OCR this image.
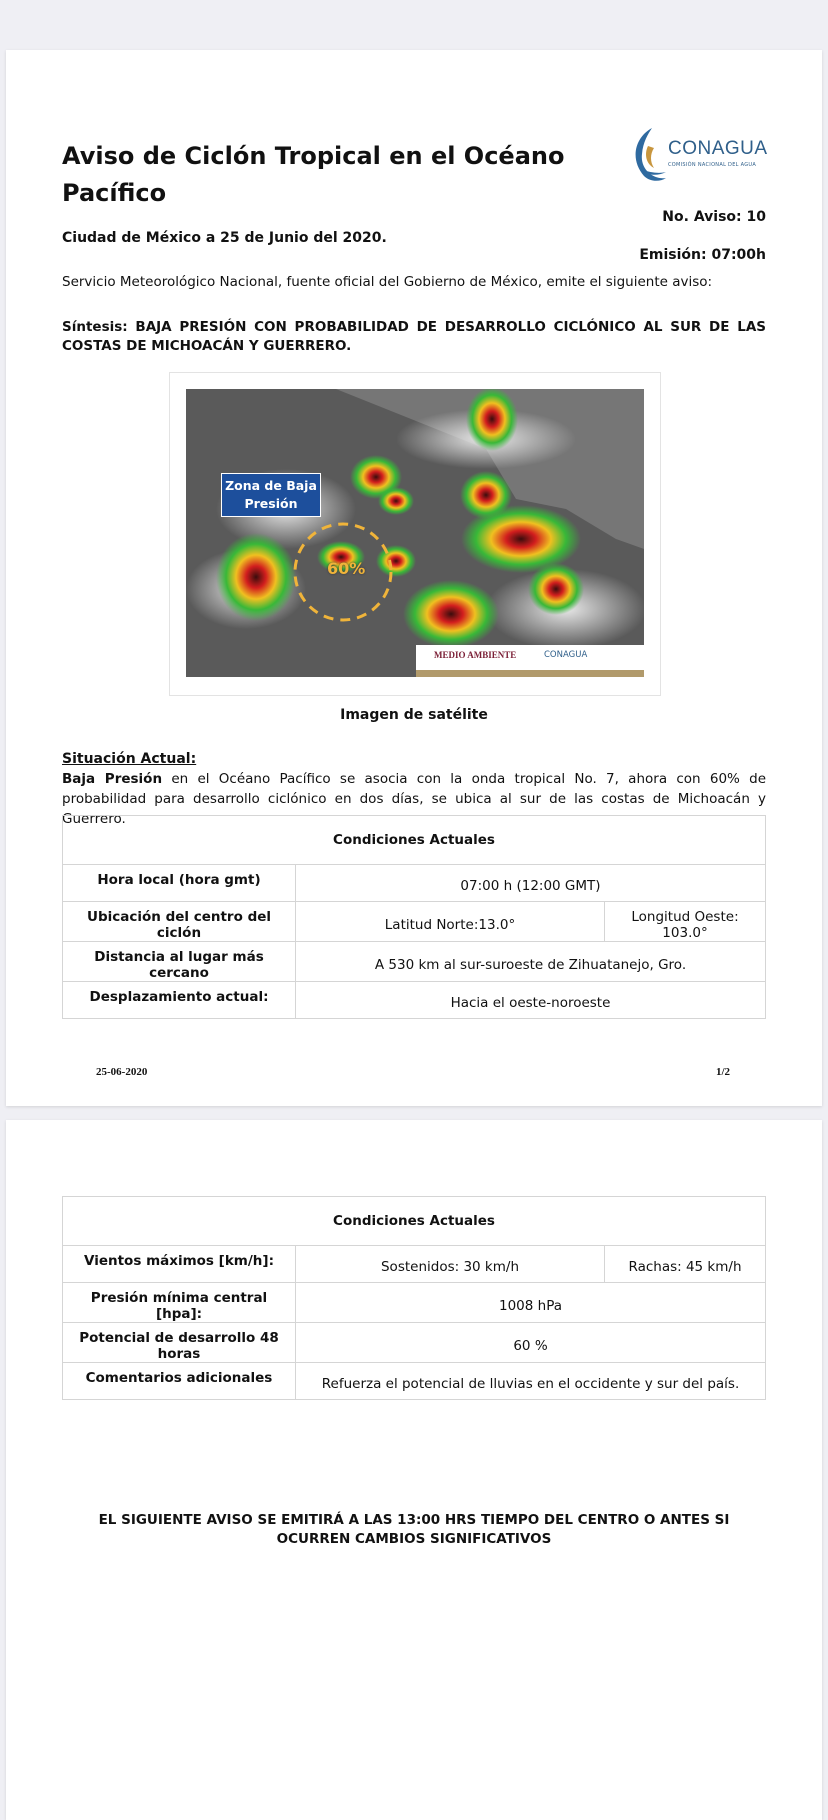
Aviso de Ciclón Tropical en el Océano Pacífico
CONAGUA
COMISIÓN NACIONAL DEL AGUA
No. Aviso: 10
Ciudad de México a 25 de Junio del 2020.
Emisión: 07:00h
Servicio Meteorológico Nacional, fuente oficial del Gobierno de México, emite el siguiente aviso:
Síntesis: BAJA PRESIÓN CON PROBABILIDAD DE DESARROLLO CICLÓNICO AL SUR DE LAS COSTAS DE MICHOACÁN Y GUERRERO.
Zona de Baja Presión
60%
MEDIO AMBIENTE	CONAGUA
Imagen de satélite
Situación Actual:
Baja Presión en el Océano Pacífico se asocia con la onda tropical No. 7, ahora con 60% de probabilidad para desarrollo ciclónico en dos días, se ubica al sur de las costas de Michoacán y Guerrero.
Condiciones Actuales		
Hora local (hora gmt)	07:00 h (12:00 GMT)	
Ubicación del centro del ciclón	Latitud Norte:13.0°	Longitud Oeste: 103.0°
Distancia al lugar más cercano	A 530 km al sur-suroeste de Zihuatanejo, Gro.	
Desplazamiento actual:	Hacia el oeste-noroeste	
25-06-2020	1/2
Condiciones Actuales		
Vientos máximos [km/h]:	Sostenidos: 30 km/h	Rachas: 45 km/h
Presión mínima central [hpa]:	1008 hPa	
Potencial de desarrollo 48 horas	60 %	
Comentarios adicionales	Refuerza el potencial de lluvias en el occidente y sur del país.	
EL SIGUIENTE AVISO SE EMITIRÁ A LAS 13:00 HRS TIEMPO DEL CENTRO O ANTES SI OCURREN CAMBIOS SIGNIFICATIVOS
